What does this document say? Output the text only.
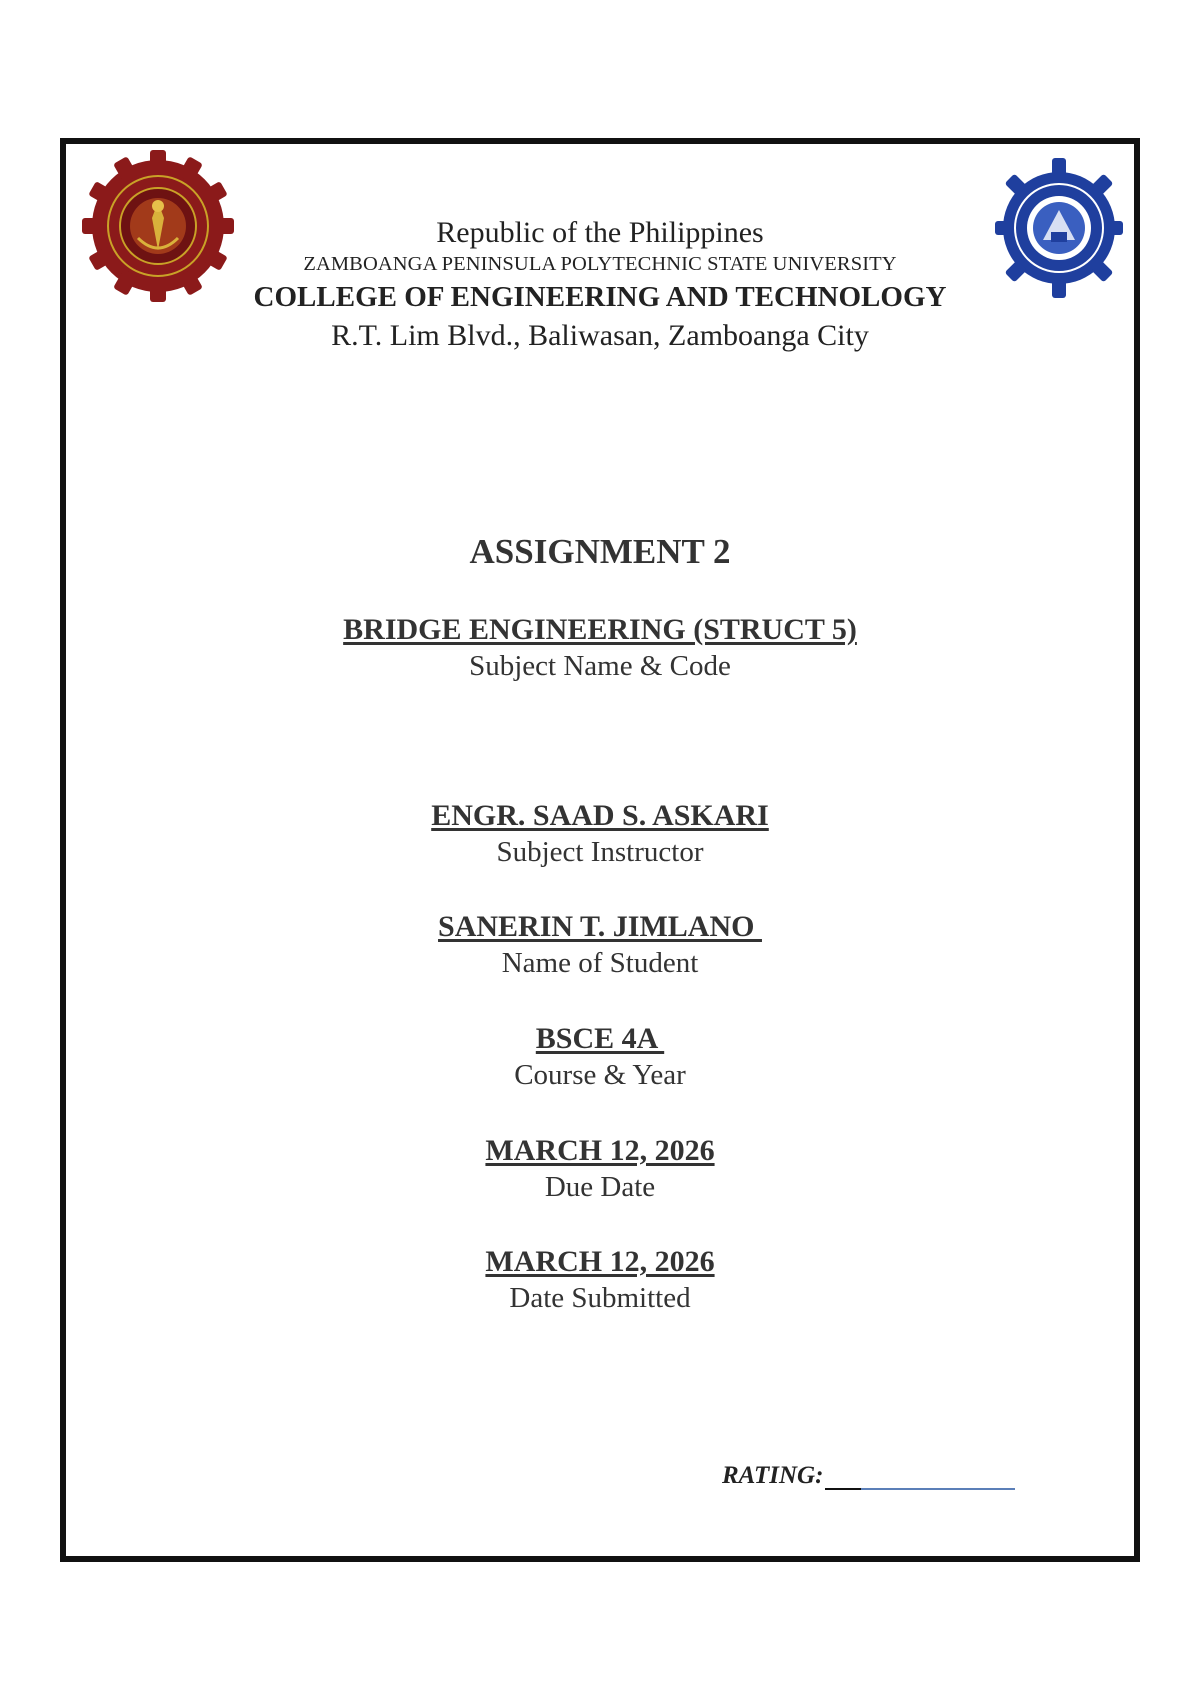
Republic of the Philippines
ZAMBOANGA PENINSULA POLYTECHNIC STATE UNIVERSITY
COLLEGE OF ENGINEERING AND TECHNOLOGY
R.T. Lim Blvd., Baliwasan, Zamboanga City
ASSIGNMENT 2
BRIDGE ENGINEERING (STRUCT 5)
Subject Name & Code
ENGR. SAAD S. ASKARI
Subject Instructor
SANERIN T. JIMLANO
Name of Student
BSCE 4A
Course & Year
MARCH 12, 2026
Due Date
MARCH 12, 2026
Date Submitted
RATING:
